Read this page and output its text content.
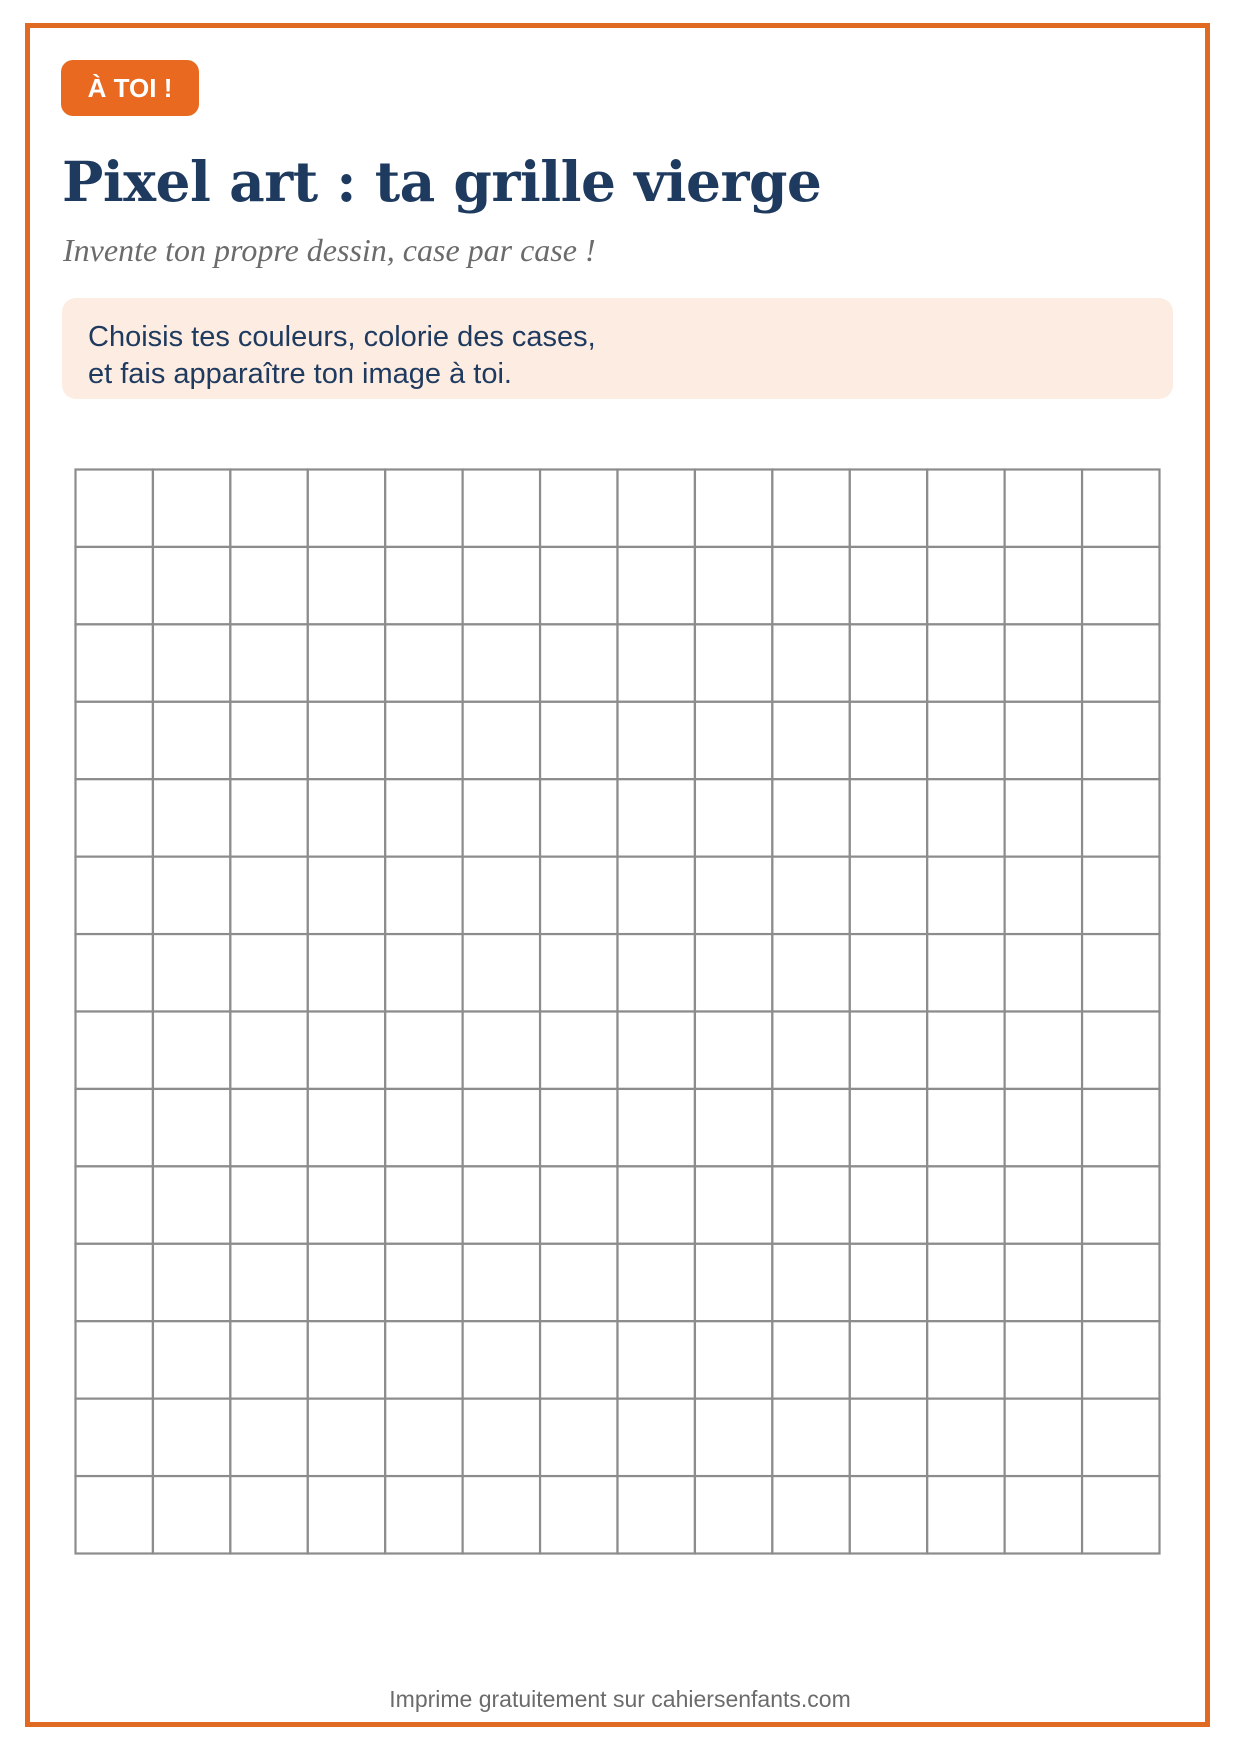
À TOI !
Pixel art : ta grille vierge
Invente ton propre dessin, case par case !
Choisis tes couleurs, colorie des cases,
et fais apparaître ton image à toi.
Imprime gratuitement sur cahiersenfants.com
